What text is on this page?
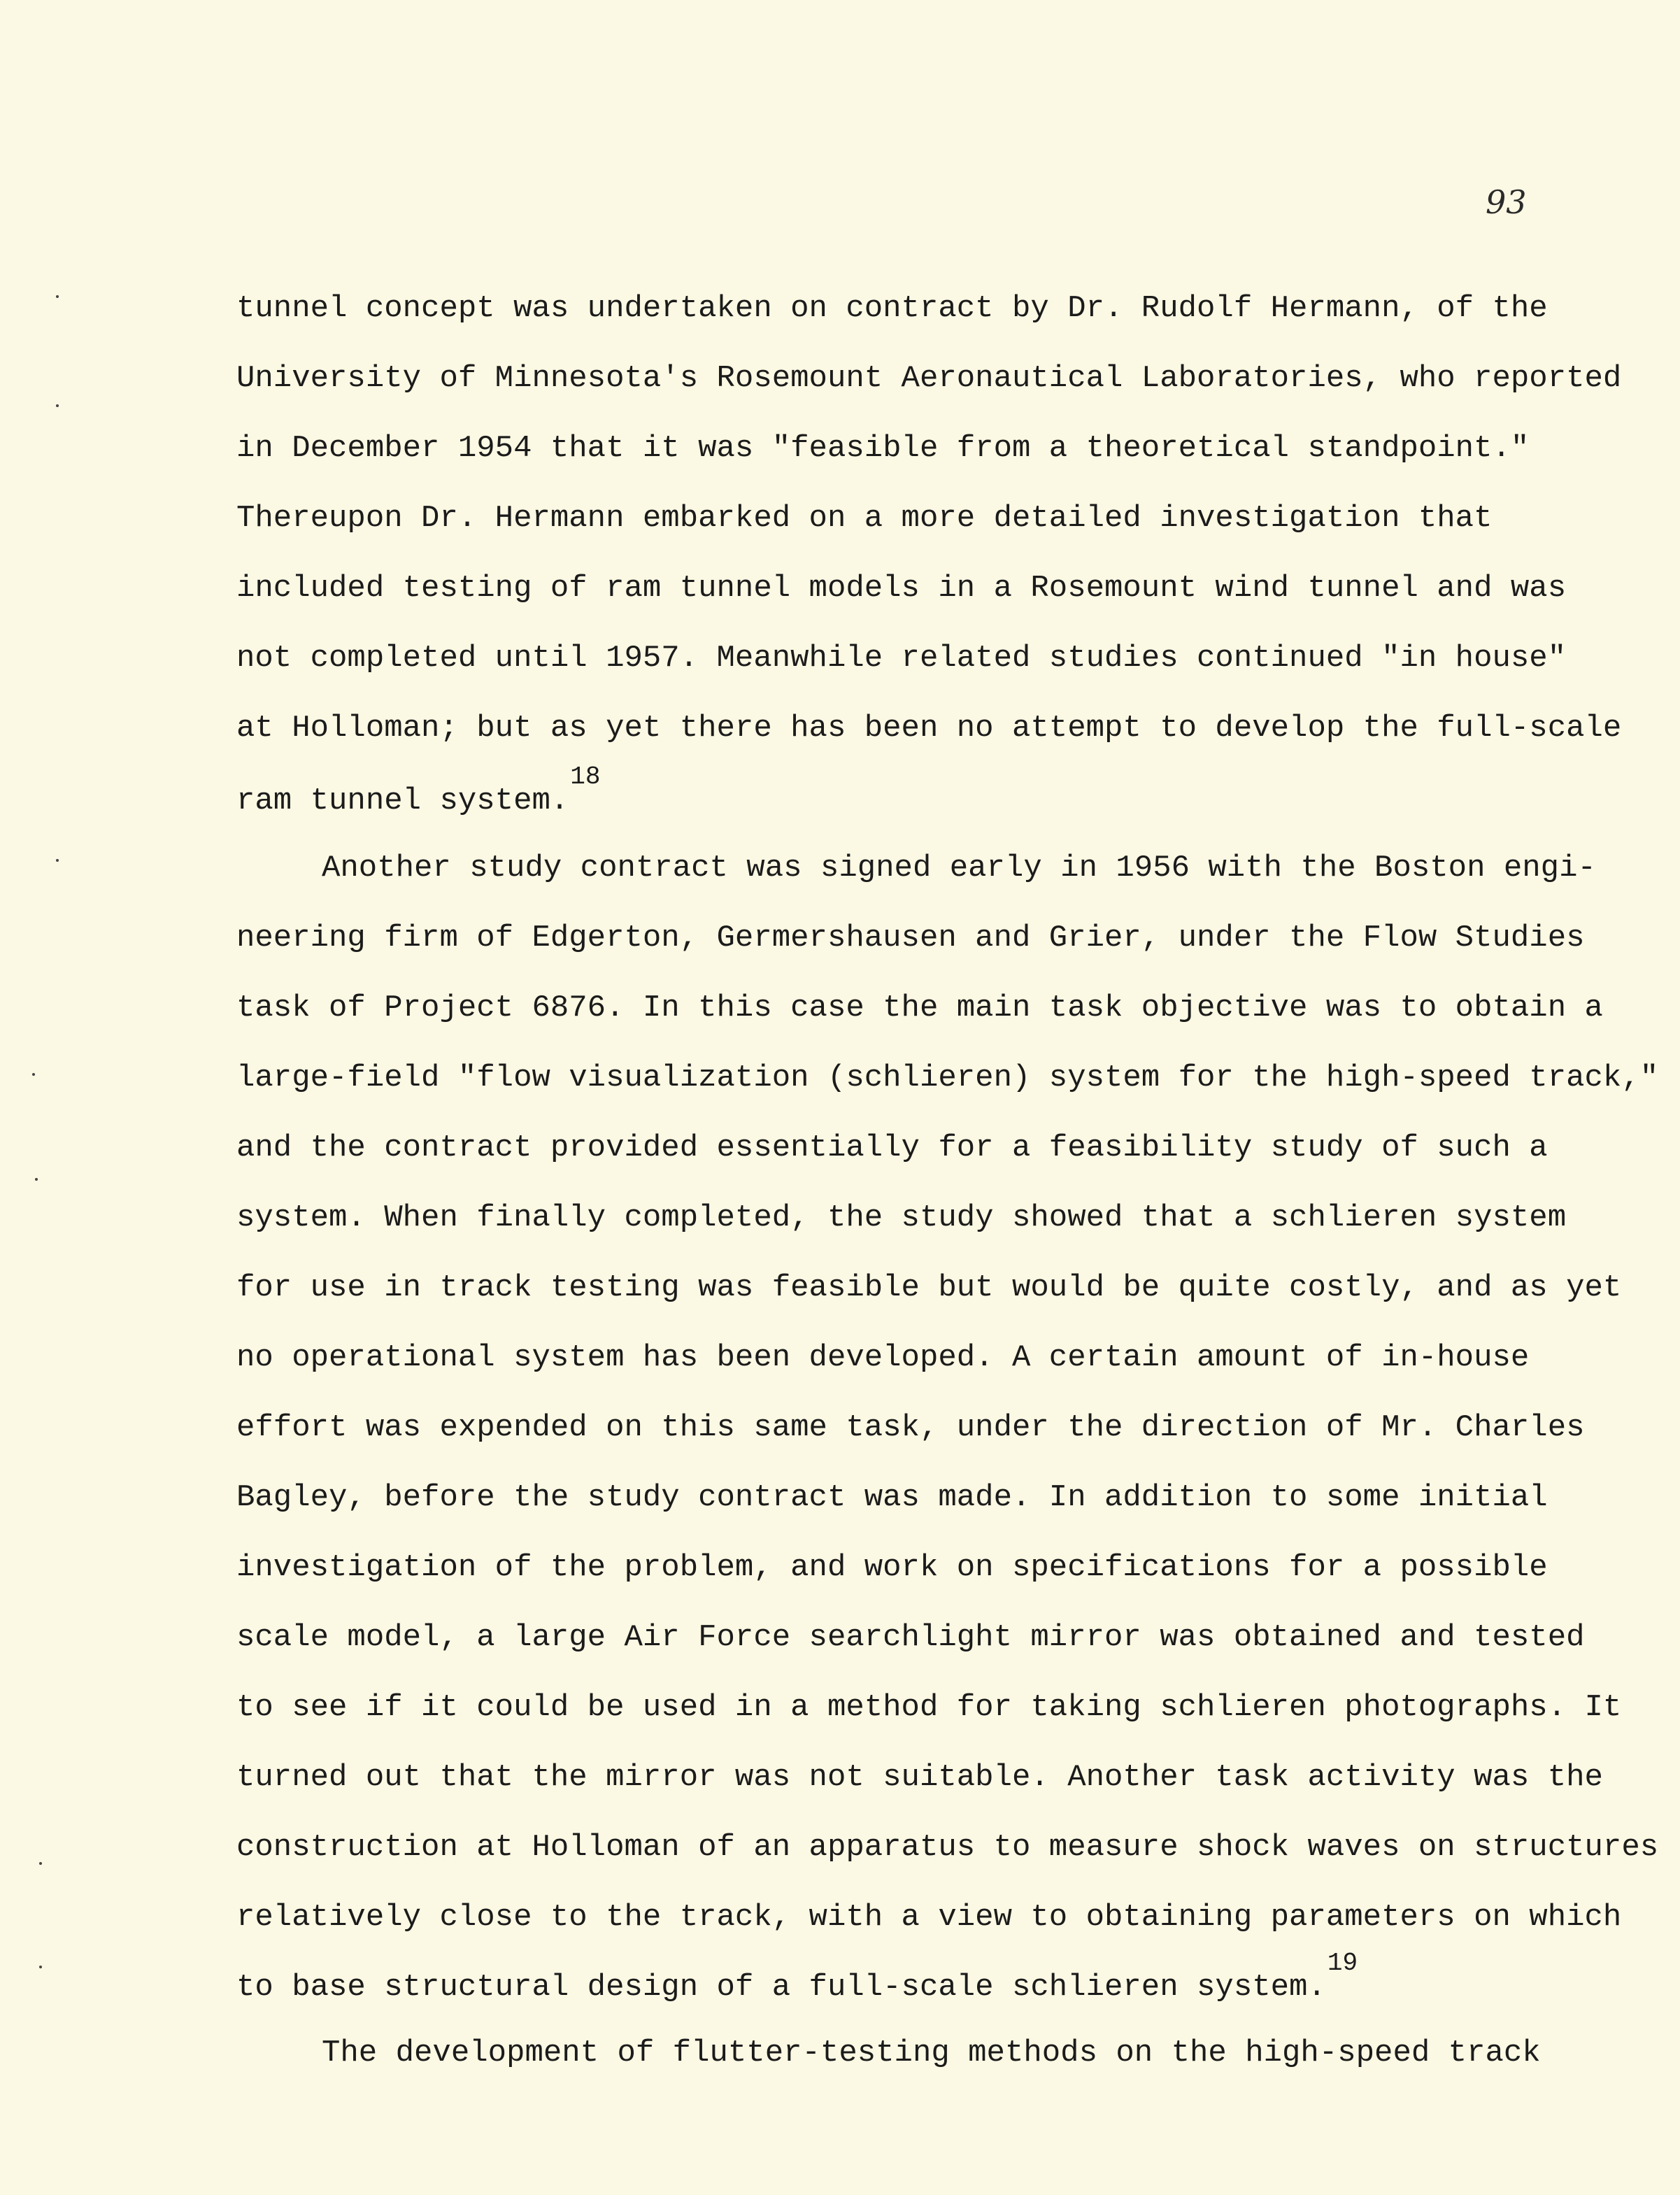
93
tunnel concept was undertaken on contract by Dr. Rudolf Hermann, of the
University of Minnesota's Rosemount Aeronautical Laboratories, who reported
in December 1954 that it was "feasible from a theoretical standpoint."
Thereupon Dr. Hermann embarked on a more detailed investigation that
included testing of ram tunnel models in a Rosemount wind tunnel and was
not completed until 1957. Meanwhile related studies continued "in house"
at Holloman; but as yet there has been no attempt to develop the full-scale
ram tunnel system.$^{18}$
Another study contract was signed early in 1956 with the Boston engi-
neering firm of Edgerton, Germershausen and Grier, under the Flow Studies
task of Project 6876. In this case the main task objective was to obtain a
large-field "flow visualization (schlieren) system for the high-speed track,"
and the contract provided essentially for a feasibility study of such a
system. When finally completed, the study showed that a schlieren system
for use in track testing was feasible but would be quite costly, and as yet
no operational system has been developed. A certain amount of in-house
effort was expended on this same task, under the direction of Mr. Charles
Bagley, before the study contract was made. In addition to some initial
investigation of the problem, and work on specifications for a possible
scale model, a large Air Force searchlight mirror was obtained and tested
to see if it could be used in a method for taking schlieren photographs. It
turned out that the mirror was not suitable. Another task activity was the
construction at Holloman of an apparatus to measure shock waves on structures
relatively close to the track, with a view to obtaining parameters on which
to base structural design of a full-scale schlieren system.$^{19}$
The development of flutter-testing methods on the high-speed track
